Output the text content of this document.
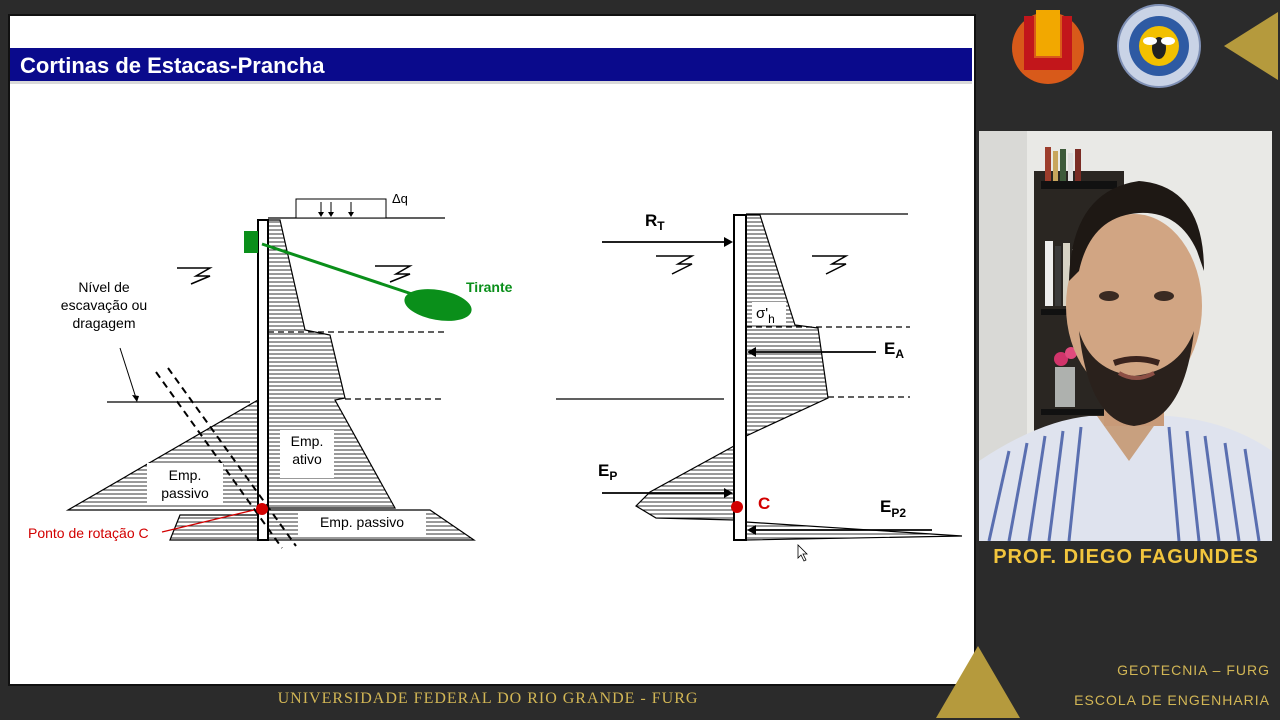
Cortinas de Estacas-Prancha
Δq
Tirante
Nível de
escavação ou
dragagem
Emp.
passivo
Emp.
ativo
Emp. passivo
Ponto de rotação C
$R_T$
$\sigma'_h$
$E_A$
$E_P$
C	$E_{P2}$
UNIVERSIDADE FEDERAL DO RIO GRANDE - FURG
GEOTECNIA – FURG
ESCOLA DE ENGENHARIA
PROF. DIEGO FAGUNDES
